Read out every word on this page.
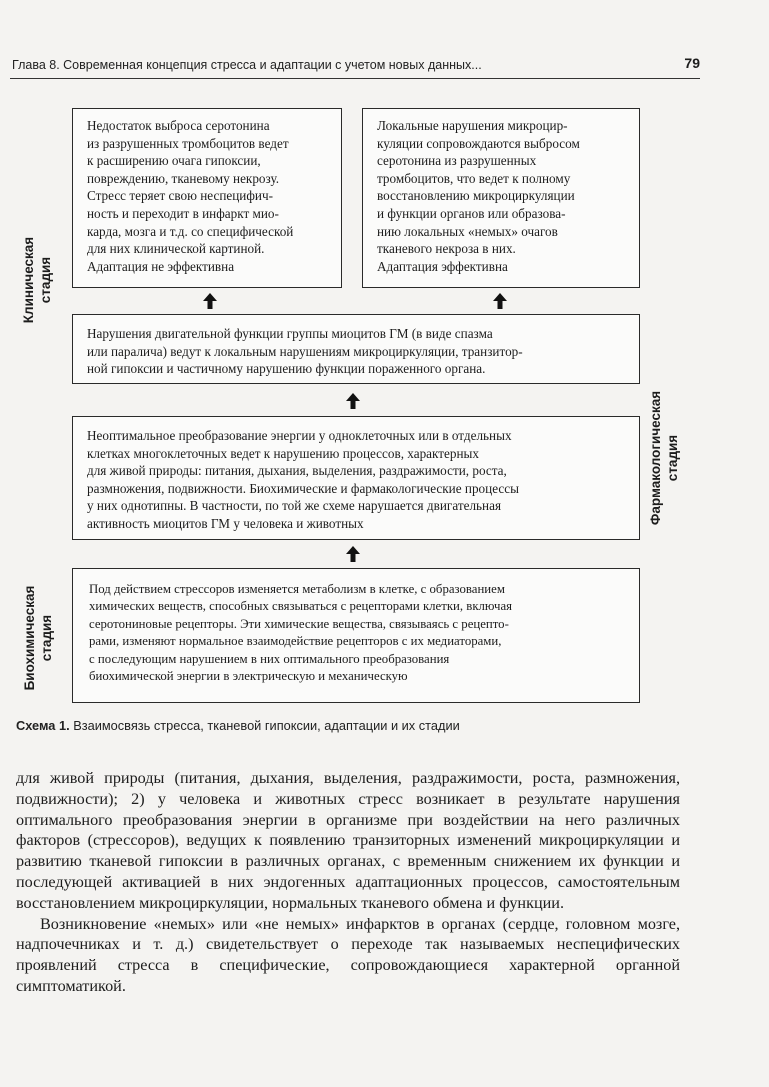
Глава 8. Современная концепция стресса и адаптации с учетом новых данных...	79
Недостаток выброса серотонина
из разрушенных тромбоцитов ведет
к расширению очага гипоксии,
повреждению, тканевому некрозу.
Стресс теряет свою неспецифич-
ность и переходит в инфаркт мио-
карда, мозга и т.д. со специфической
для них клинической картиной.
Адаптация не эффективна
Локальные нарушения микроцир-
куляции сопровождаются выбросом
серотонина из разрушенных
тромбоцитов, что ведет к полному
восстановлению микроциркуляции
и функции органов или образова-
нию локальных «немых» очагов
тканевого некроза в них.
Адаптация эффективна
Нарушения двигательной функции группы миоцитов ГМ (в виде спазма
или паралича) ведут к локальным нарушениям микроциркуляции, транзитор-
ной гипоксии и частичному нарушению функции пораженного органа.
Неоптимальное преобразование энергии у одноклеточных или в отдельных
клетках многоклеточных ведет к нарушению процессов, характерных
для живой природы: питания, дыхания, выделения, раздражимости, роста,
размножения, подвижности. Биохимические и фармакологические процессы
у них однотипны. В частности, по той же схеме нарушается двигательная
активность миоцитов ГМ у человека и животных
Под действием стрессоров изменяется метаболизм в клетке, с образованием
химических веществ, способных связываться с рецепторами клетки, включая
серотониновые рецепторы. Эти химические вещества, связываясь с рецепто-
рами, изменяют нормальное взаимодействие рецепторов с их медиаторами,
с последующим нарушением в них оптимального преобразования
биохимической энергии в электрическую и механическую
Клиническая
стадия
Фармакологическая
стадия
Биохимическая
стадия
Схема 1. Взаимосвязь стресса, тканевой гипоксии, адаптации и их стадии

для живой природы (питания, дыхания, выделения, раздражимости, роста, размножения, подвижности); 2) у человека и животных стресс возникает в результате нарушения оптимального преобразования энергии в организме при воздействии на него различных факторов (стрессоров), ведущих к появлению транзиторных изменений микроциркуляции и развитию тканевой гипоксии в различных органах, с временным снижением их функции и последующей активацией в них эндогенных адаптационных процессов, самостоятельным восстановлением микроциркуляции, нормальных тканевого обмена и функции.

Возникновение «немых» или «не немых» инфарктов в органах (сердце, головном мозге, надпочечниках и т. д.) свидетельствует о переходе так называемых неспецифических проявлений стресса в специфические, сопровождающиеся характерной органной симптоматикой.
